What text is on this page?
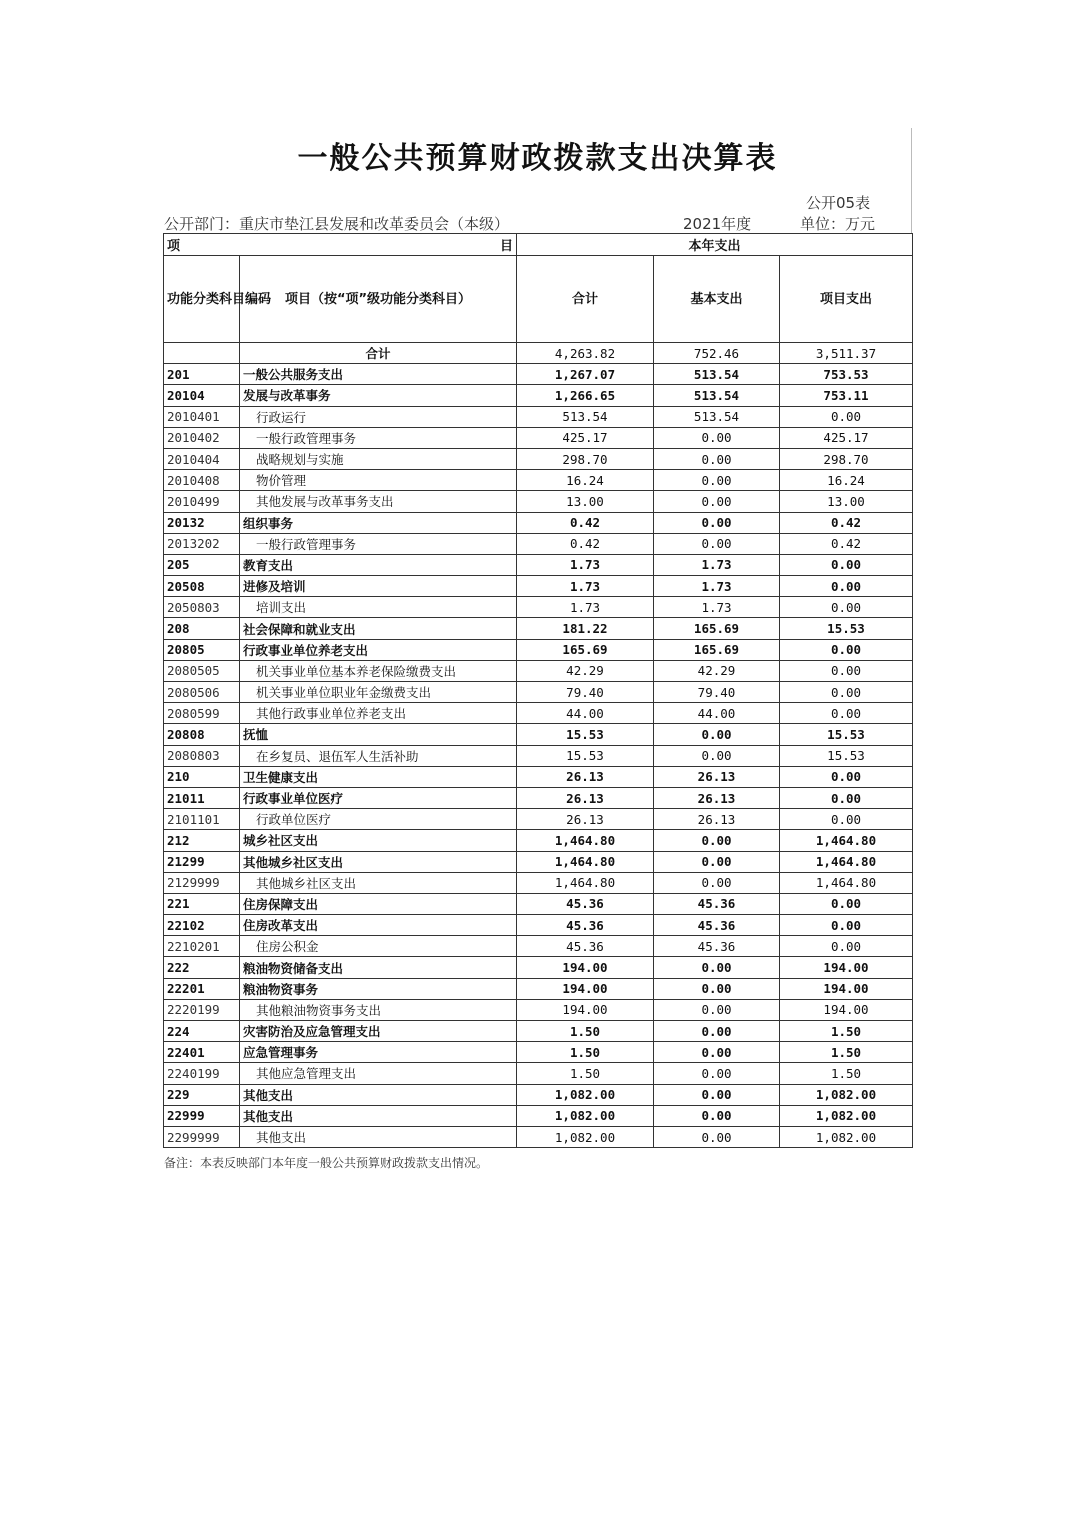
一般公共预算财政拨款支出决算表
公开05表
公开部门：重庆市垫江县发展和改革委员会（本级）	2021年度	单位：万元
项 目		本年支出		
功能分类科目编码	项目（按“项”级功能分类科目）	合计	基本支出	项目支出
	合计	4,263.82	752.46	3,511.37
201	一般公共服务支出	1,267.07	513.54	753.53
20104	发展与改革事务	1,266.65	513.54	753.11
2010401	行政运行	513.54	513.54	0.00
2010402	一般行政管理事务	425.17	0.00	425.17
2010404	战略规划与实施	298.70	0.00	298.70
2010408	物价管理	16.24	0.00	16.24
2010499	其他发展与改革事务支出	13.00	0.00	13.00
20132	组织事务	0.42	0.00	0.42
2013202	一般行政管理事务	0.42	0.00	0.42
205	教育支出	1.73	1.73	0.00
20508	进修及培训	1.73	1.73	0.00
2050803	培训支出	1.73	1.73	0.00
208	社会保障和就业支出	181.22	165.69	15.53
20805	行政事业单位养老支出	165.69	165.69	0.00
2080505	机关事业单位基本养老保险缴费支出	42.29	42.29	0.00
2080506	机关事业单位职业年金缴费支出	79.40	79.40	0.00
2080599	其他行政事业单位养老支出	44.00	44.00	0.00
20808	抚恤	15.53	0.00	15.53
2080803	在乡复员、退伍军人生活补助	15.53	0.00	15.53
210	卫生健康支出	26.13	26.13	0.00
21011	行政事业单位医疗	26.13	26.13	0.00
2101101	行政单位医疗	26.13	26.13	0.00
212	城乡社区支出	1,464.80	0.00	1,464.80
21299	其他城乡社区支出	1,464.80	0.00	1,464.80
2129999	其他城乡社区支出	1,464.80	0.00	1,464.80
221	住房保障支出	45.36	45.36	0.00
22102	住房改革支出	45.36	45.36	0.00
2210201	住房公积金	45.36	45.36	0.00
222	粮油物资储备支出	194.00	0.00	194.00
22201	粮油物资事务	194.00	0.00	194.00
2220199	其他粮油物资事务支出	194.00	0.00	194.00
224	灾害防治及应急管理支出	1.50	0.00	1.50
22401	应急管理事务	1.50	0.00	1.50
2240199	其他应急管理支出	1.50	0.00	1.50
229	其他支出	1,082.00	0.00	1,082.00
22999	其他支出	1,082.00	0.00	1,082.00
2299999	其他支出	1,082.00	0.00	1,082.00
备注：本表反映部门本年度一般公共预算财政拨款支出情况。
